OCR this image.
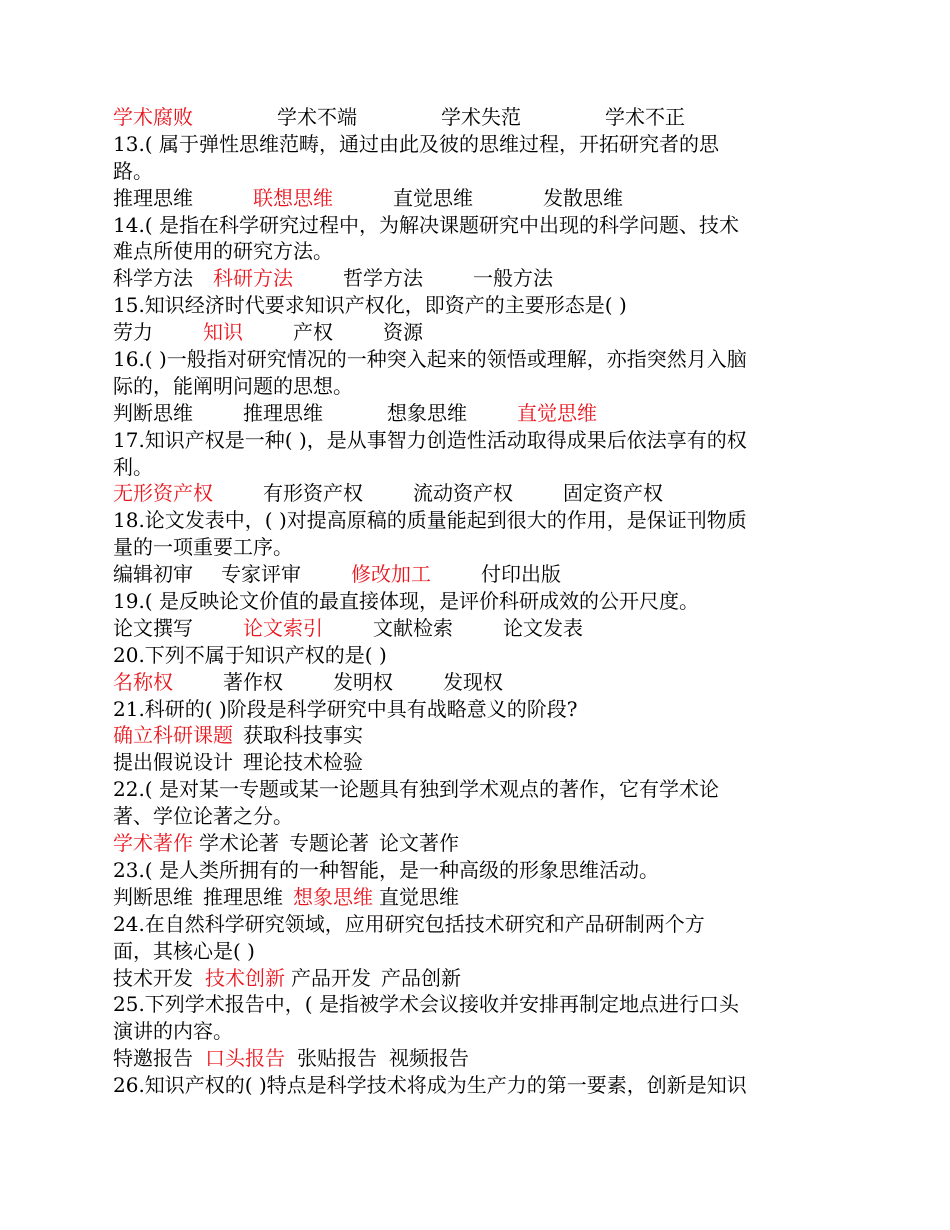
学术腐败	学术不端	学术失范	学术不正
13.( 属于弹性思维范畴，通过由此及彼的思维过程，开拓研究者的思
路。
推理思维	联想思维	直觉思维	发散思维
14.( 是指在科学研究过程中，为解决课题研究中出现的科学问题、技术
难点所使用的研究方法。
科学方法 科研方法	哲学方法	一般方法
15.知识经济时代要求知识产权化，即资产的主要形态是( )
劳力	知识	产权	资源
16.( )一般指对研究情况的一种突入起来的领悟或理解，亦指突然月入脑
际的，能阐明问题的思想。
判断思维	推理思维	想象思维	直觉思维
17.知识产权是一种( )，是从事智力创造性活动取得成果后依法享有的权
利。
无形资产权	有形资产权	流动资产权	固定资产权
18.论文发表中，( )对提高原稿的质量能起到很大的作用，是保证刊物质
量的一项重要工序。
编辑初审 专家评审	修改加工	付印出版
19.( 是反映论文价值的最直接体现，是评价科研成效的公开尺度。
论文撰写	论文索引	文献检索	论文发表
20.下列不属于知识产权的是( )
名称权	著作权	发明权	发现权
21.科研的( )阶段是科学研究中具有战略意义的阶段?
确立科研课题 获取科技事实
提出假说设计 理论技术检验
22.( 是对某一专题或某一论题具有独到学术观点的著作，它有学术论
著、学位论著之分。
学术著作 学术论著 专题论著 论文著作
23.( 是人类所拥有的一种智能，是一种高级的形象思维活动。
判断思维 推理思维 想象思维 直觉思维
24.在自然科学研究领域，应用研究包括技术研究和产品研制两个方
面，其核心是( )
技术开发 技术创新 产品开发 产品创新
25.下列学术报告中，( 是指被学术会议接收并安排再制定地点进行口头
演讲的内容。
特邀报告 口头报告 张贴报告 视频报告
26.知识产权的( )特点是科学技术将成为生产力的第一要素，创新是知识
